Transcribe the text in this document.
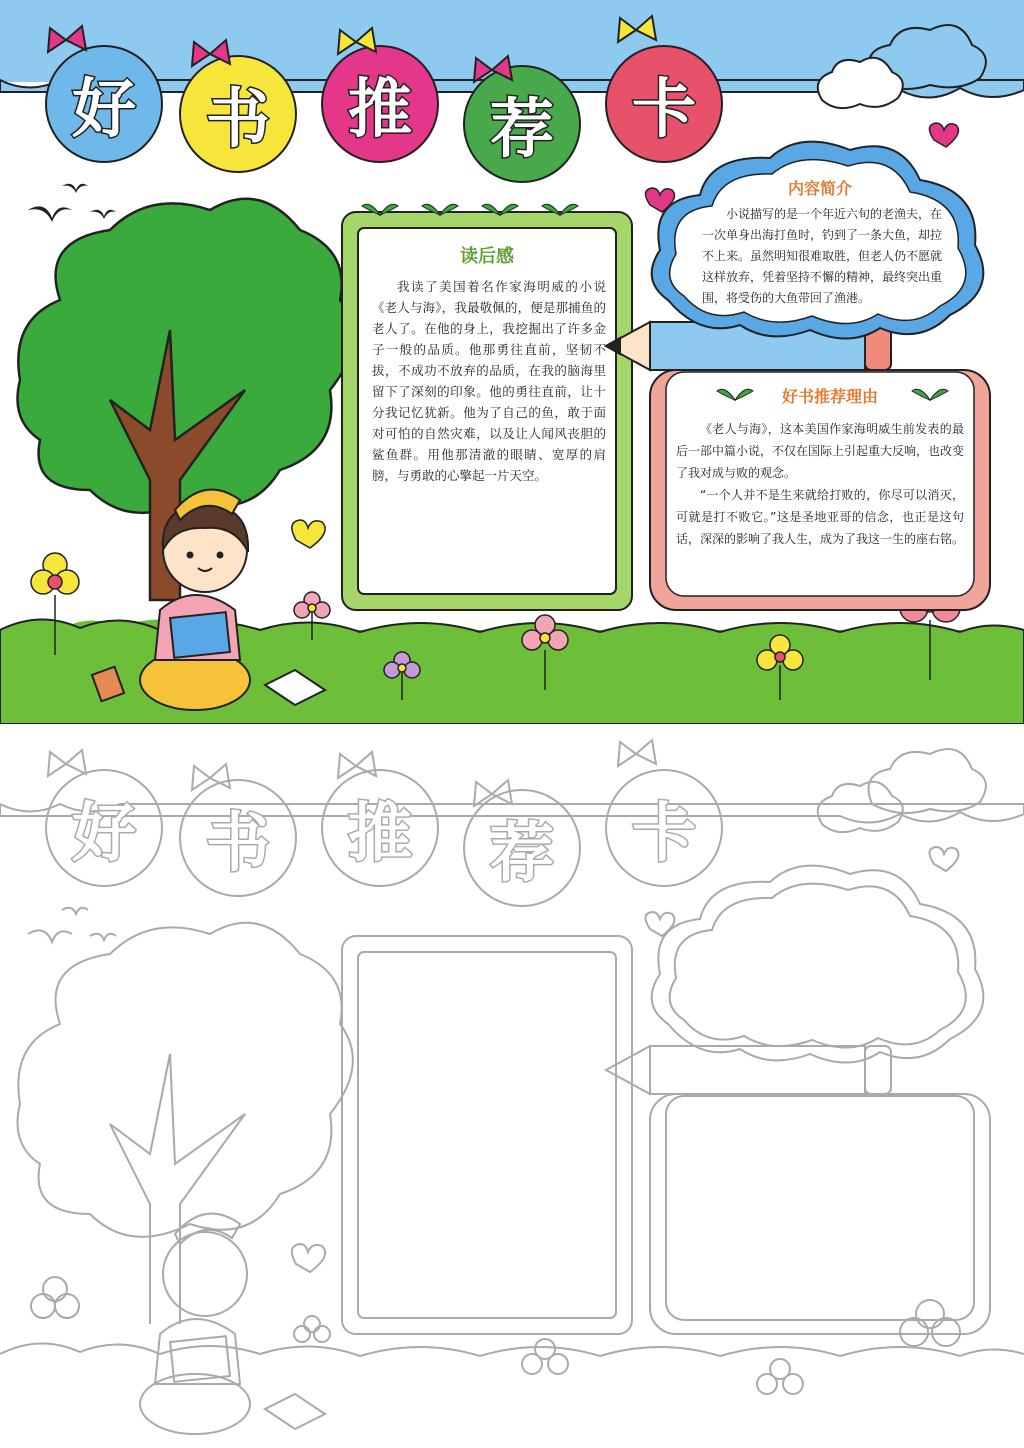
好	书	推	荐	卡
读后感

我读了美国着名作家海明威的小说《老人与海》，我最敬佩的，便是那捕鱼的老人了。在他的身上，我挖掘出了许多金子一般的品质。他那勇往直前，坚韧不拔，不成功不放弃的品质，在我的脑海里留下了深刻的印象。他的勇往直前，让十分我记忆犹新。他为了自己的鱼，敢于面对可怕的自然灾难，以及让人闻风丧胆的鲨鱼群。用他那清澈的眼睛、宽厚的肩膀，与勇敢的心擎起一片天空。

内容简介

小说描写的是一个年近六旬的老渔夫，在一次单身出海打鱼时，钓到了一条大鱼，却拉不上来。虽然明知很难取胜，但老人仍不愿就这样放弃，凭着坚持不懈的精神，最终突出重围，将受伤的大鱼带回了渔港。

好书推荐理由

《老人与海》，这本美国作家海明威生前发表的最后一部中篇小说，不仅在国际上引起重大反响，也改变了我对成与败的观念。

“一个人并不是生来就给打败的，你尽可以消灭，可就是打不败它。”这是圣地亚哥的信念，也正是这句话，深深的影响了我人生，成为了我这一生的座右铭。

好	书	推	荐	卡
